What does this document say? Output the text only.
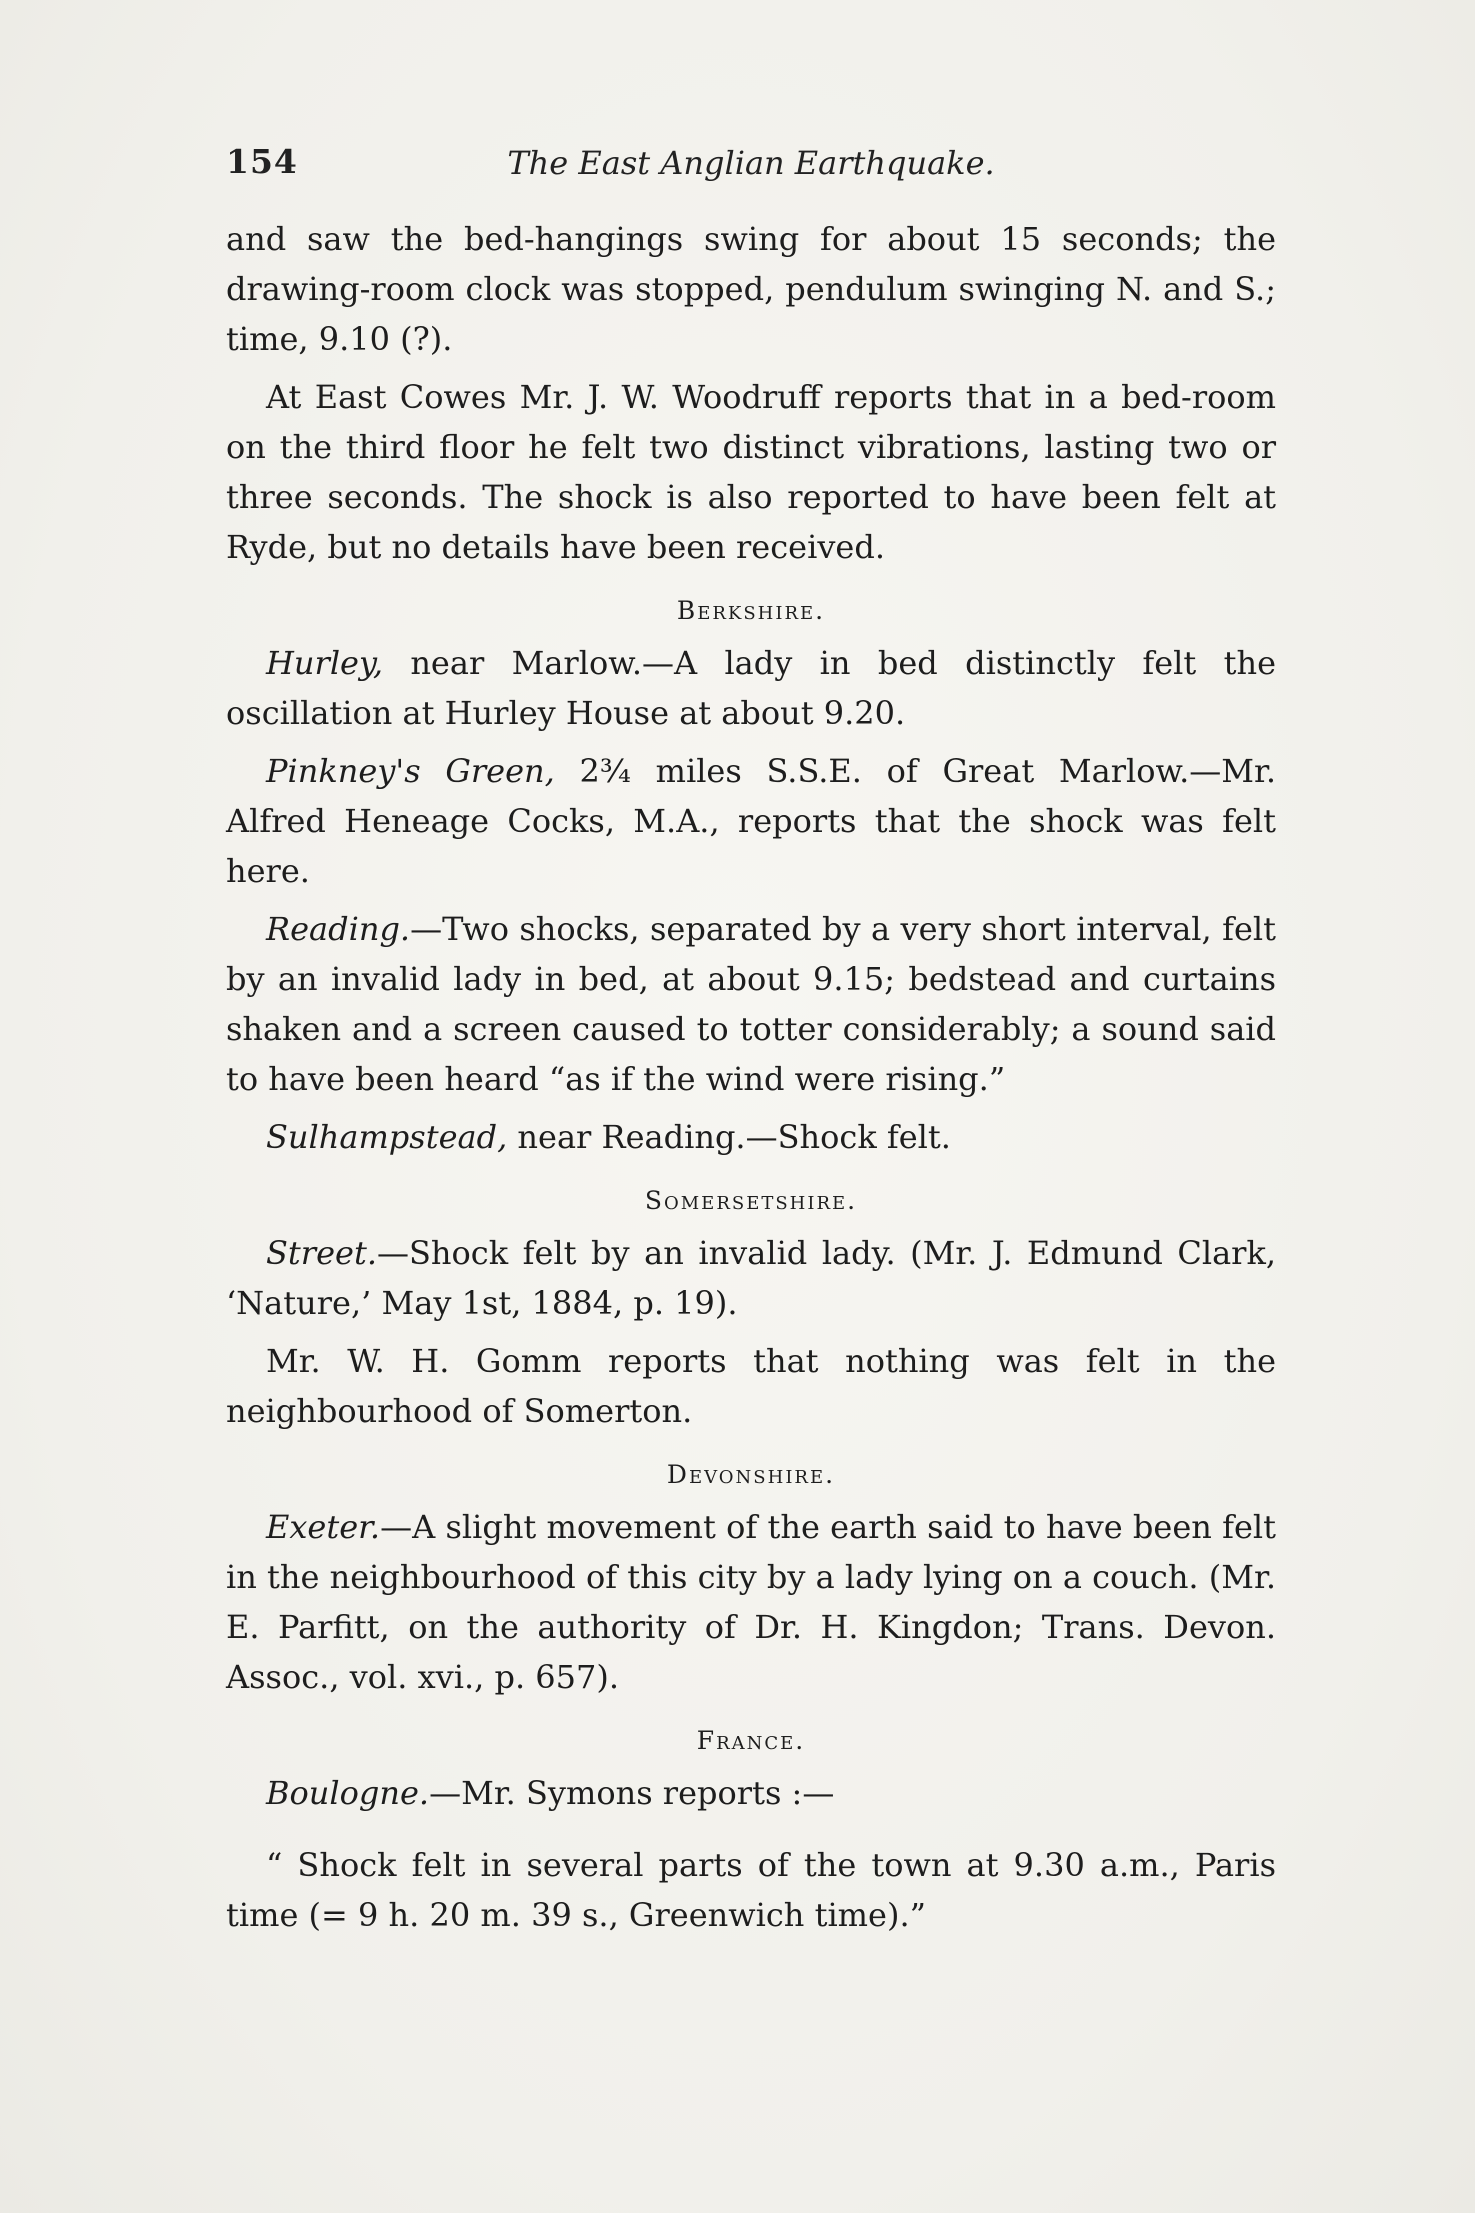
154	The East Anglian Earthquake.

and saw the bed-hangings swing for about 15 seconds; the drawing-room clock was stopped, pendulum swinging N. and S.; time, 9.10 (?).

At East Cowes Mr. J. W. Woodruff reports that in a bed-room on the third floor he felt two distinct vibrations, lasting two or three seconds. The shock is also reported to have been felt at Ryde, but no details have been received.

Berkshire.

Hurley, near Marlow.—A lady in bed distinctly felt the oscillation at Hurley House at about 9.20.

Pinkney's Green, 2¾ miles S.S.E. of Great Marlow.—Mr. Alfred Heneage Cocks, M.A., reports that the shock was felt here.

Reading.—Two shocks, separated by a very short interval, felt by an invalid lady in bed, at about 9.15; bedstead and curtains shaken and a screen caused to totter considerably; a sound said to have been heard “as if the wind were rising.”

Sulhampstead, near Reading.—Shock felt.

Somersetshire.

Street.—Shock felt by an invalid lady. (Mr. J. Edmund Clark, ‘Nature,’ May 1st, 1884, p. 19).

Mr. W. H. Gomm reports that nothing was felt in the neighbourhood of Somerton.

Devonshire.

Exeter.—A slight movement of the earth said to have been felt in the neighbourhood of this city by a lady lying on a couch. (Mr. E. Parfitt, on the authority of Dr. H. Kingdon; Trans. Devon. Assoc., vol. xvi., p. 657).

France.

Boulogne.—Mr. Symons reports :—

“ Shock felt in several parts of the town at 9.30 a.m., Paris time (= 9 h. 20 m. 39 s., Greenwich time).”
